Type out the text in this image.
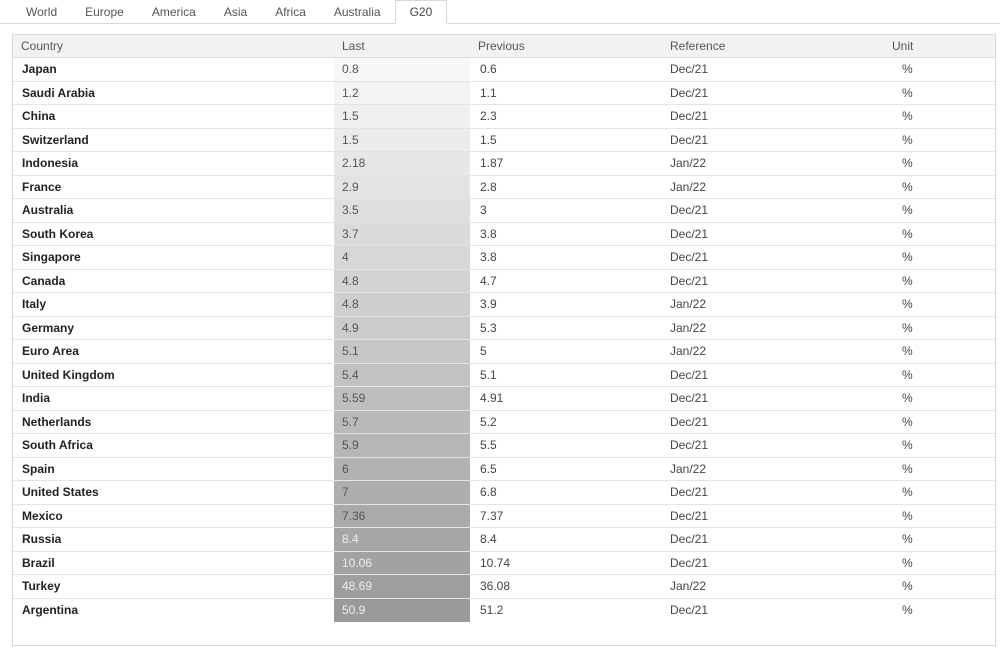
World	Europe	America	Asia	Africa	Australia	G20
Country	Last	Previous	Reference	Unit
Japan	0.8	0.6	Dec/21	%
Saudi Arabia	1.2	1.1	Dec/21	%
China	1.5	2.3	Dec/21	%
Switzerland	1.5	1.5	Dec/21	%
Indonesia	2.18	1.87	Jan/22	%
France	2.9	2.8	Jan/22	%
Australia	3.5	3	Dec/21	%
South Korea	3.7	3.8	Dec/21	%
Singapore	4	3.8	Dec/21	%
Canada	4.8	4.7	Dec/21	%
Italy	4.8	3.9	Jan/22	%
Germany	4.9	5.3	Jan/22	%
Euro Area	5.1	5	Jan/22	%
United Kingdom	5.4	5.1	Dec/21	%
India	5.59	4.91	Dec/21	%
Netherlands	5.7	5.2	Dec/21	%
South Africa	5.9	5.5	Dec/21	%
Spain	6	6.5	Jan/22	%
United States	7	6.8	Dec/21	%
Mexico	7.36	7.37	Dec/21	%
Russia	8.4	8.4	Dec/21	%
Brazil	10.06	10.74	Dec/21	%
Turkey	48.69	36.08	Jan/22	%
Argentina	50.9	51.2	Dec/21	%
